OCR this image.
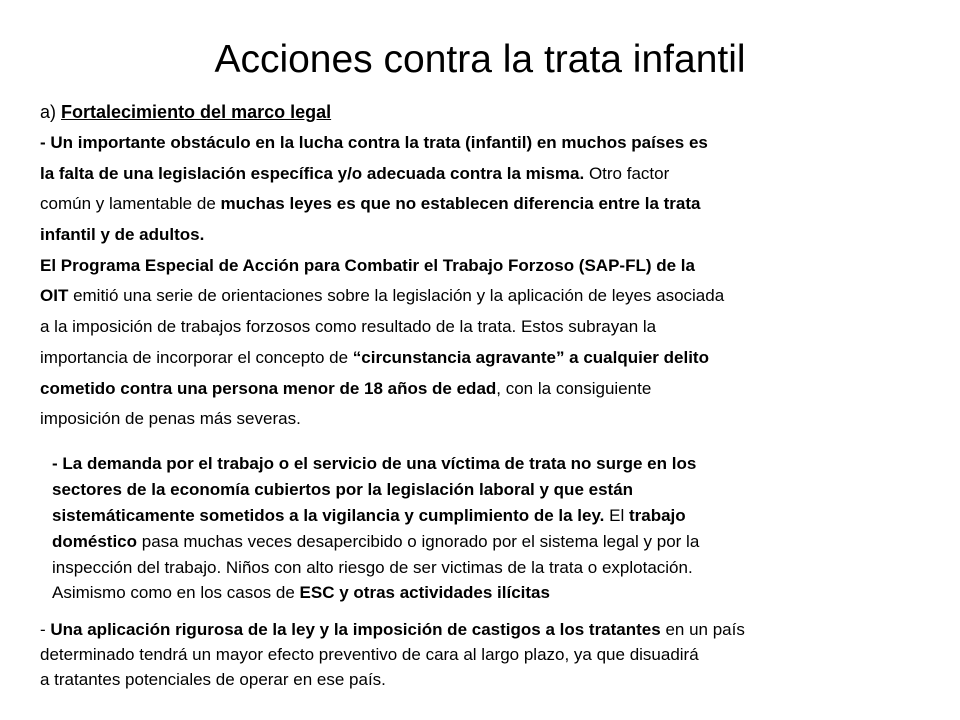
Acciones contra la trata infantil
a) Fortalecimiento del marco legal
- Un importante obstáculo en la lucha contra la trata (infantil) en muchos países es
la falta de una legislación específica y/o adecuada contra la misma. Otro factor
común y lamentable de muchas leyes es que no establecen diferencia entre la trata
infantil y de adultos.
El Programa Especial de Acción para Combatir el Trabajo Forzoso (SAP-FL) de la
OIT emitió una serie de orientaciones sobre la legislación y la aplicación de leyes asociada
a la imposición de trabajos forzosos como resultado de la trata. Estos subrayan la
importancia de incorporar el concepto de “circunstancia agravante” a cualquier delito
cometido contra una persona menor de 18 años de edad, con la consiguiente
imposición de penas más severas.
- La demanda por el trabajo o el servicio de una víctima de trata no surge en los
sectores de la economía cubiertos por la legislación laboral y que están
sistemáticamente sometidos a la vigilancia y cumplimiento de la ley. El trabajo
doméstico pasa muchas veces desapercibido o ignorado por el sistema legal y por la
inspección del trabajo. Niños con alto riesgo de ser victimas de la trata o explotación.
Asimismo como en los casos de ESC y otras actividades ilícitas
- Una aplicación rigurosa de la ley y la imposición de castigos a los tratantes en un país
determinado tendrá un mayor efecto preventivo de cara al largo plazo, ya que disuadirá
a tratantes potenciales de operar en ese país.
